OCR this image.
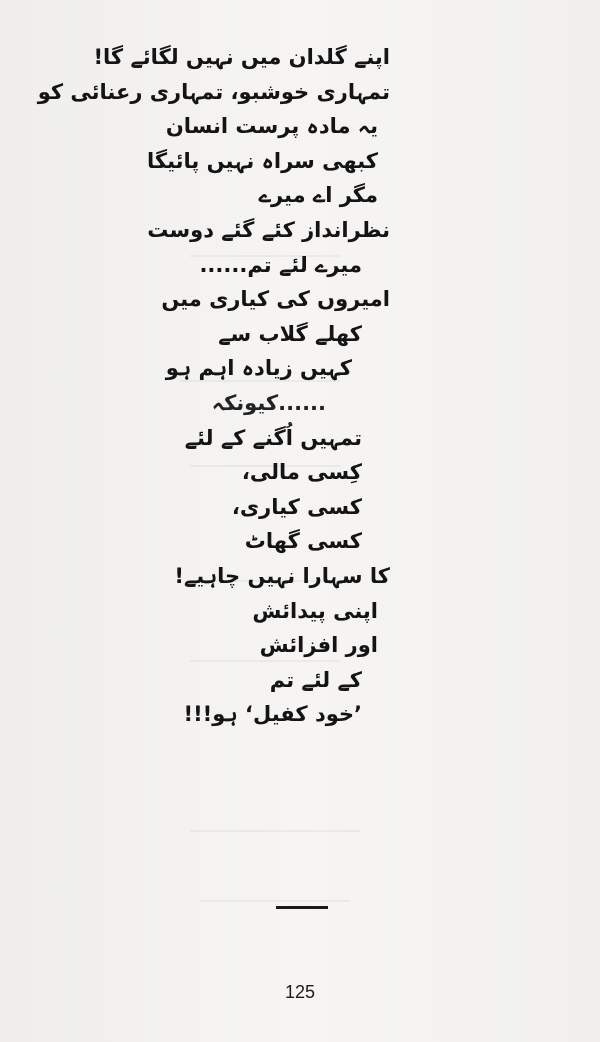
اپنے گلدان میں نہیں لگائے گا!
تمہاری خوشبو، تمہاری رعنائی کو
یہ مادہ پرست انسان
کبھی سراہ نہیں پائیگا
مگر اے میرے
نظرانداز کئے گئے دوست
میرے لئے تم......
امیروں کی کیاری میں
کھلے گلاب سے
کہیں زیادہ اہم ہو
......کیونکہ
تمہیں اُگنے کے لئے
کِسی مالی،
کسی کیاری،
کسی گھاٹ
کا سہارا نہیں چاہیے!
اپنی پیدائش
اور افزائش
کے لئے تم
’خود کفیل‘ ہو!!!
125
